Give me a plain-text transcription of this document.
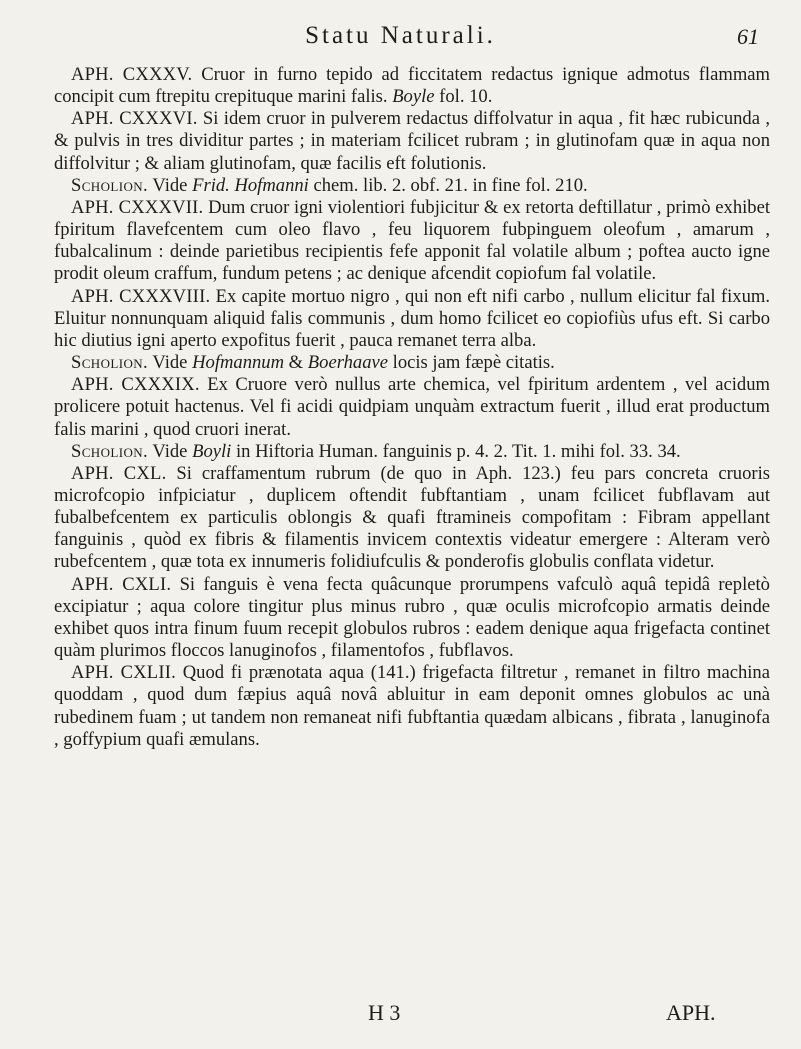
Statu Naturali.	61

APH. CXXXV. Cruor in furno tepido ad ficcitatem redactus ignique admotus flammam concipit cum ftrepitu crepituque marini falis. Boyle fol. 10.

APH. CXXXVI. Si idem cruor in pulverem redactus diffolvatur in aqua , fit hæc rubicunda , & pulvis in tres dividitur partes ; in materiam fcilicet rubram ; in glutinofam quæ in aqua non diffolvitur ; & aliam glutinofam, quæ facilis eft folutionis.

Scholion. Vide Frid. Hofmanni chem. lib. 2. obf. 21. in fine fol. 210.

APH. CXXXVII. Dum cruor igni violentiori fubjicitur & ex retorta deftillatur , primò exhibet fpiritum flavefcentem cum oleo flavo , feu liquorem fubpinguem oleofum , amarum , fubalcalinum : deinde parietibus recipientis fefe apponit fal volatile album ; poftea aucto igne prodit oleum craffum, fundum petens ; ac denique afcendit copiofum fal volatile.

APH. CXXXVIII. Ex capite mortuo nigro , qui non eft nifi carbo , nullum elicitur fal fixum. Eluitur nonnunquam aliquid falis communis , dum homo fcilicet eo copiofiùs ufus eft. Si carbo hic diutius igni aperto expofitus fuerit , pauca remanet terra alba.

Scholion. Vide Hofmannum & Boerhaave locis jam fæpè citatis.

APH. CXXXIX. Ex Cruore verò nullus arte chemica, vel fpiritum ardentem , vel acidum prolicere potuit hactenus. Vel fi acidi quidpiam unquàm extractum fuerit , illud erat productum falis marini , quod cruori inerat.

Scholion. Vide Boyli in Hiftoria Human. fanguinis p. 4. 2. Tit. 1. mihi fol. 33. 34.

APH. CXL. Si craffamentum rubrum (de quo in Aph. 123.) feu pars concreta cruoris microfcopio infpiciatur , duplicem oftendit fubftantiam , unam fcilicet fubflavam aut fubalbefcentem ex particulis oblongis & quafi ftramineis compofitam : Fibram appellant fanguinis , quòd ex fibris & filamentis invicem contextis videatur emergere : Alteram verò rubefcentem , quæ tota ex innumeris folidiufculis & ponderofis globulis conflata videtur.

APH. CXLI. Si fanguis è vena fecta quâcunque prorumpens vafculò aquâ tepidâ repletò excipiatur ; aqua colore tingitur plus minus rubro , quæ oculis microfcopio armatis deinde exhibet quos intra finum fuum recepit globulos rubros : eadem denique aqua frigefacta continet quàm plurimos floccos lanuginofos , filamentofos , fubflavos.

APH. CXLII. Quod fi prænotata aqua (141.) frigefacta filtretur , remanet in filtro machina quoddam , quod dum fæpius aquâ novâ abluitur in eam deponit omnes globulos ac unà rubedinem fuam ; ut tandem non remaneat nifi fubftantia quædam albicans , fibrata , lanuginofa , goffypium quafi æmulans.

H 3	APH.
